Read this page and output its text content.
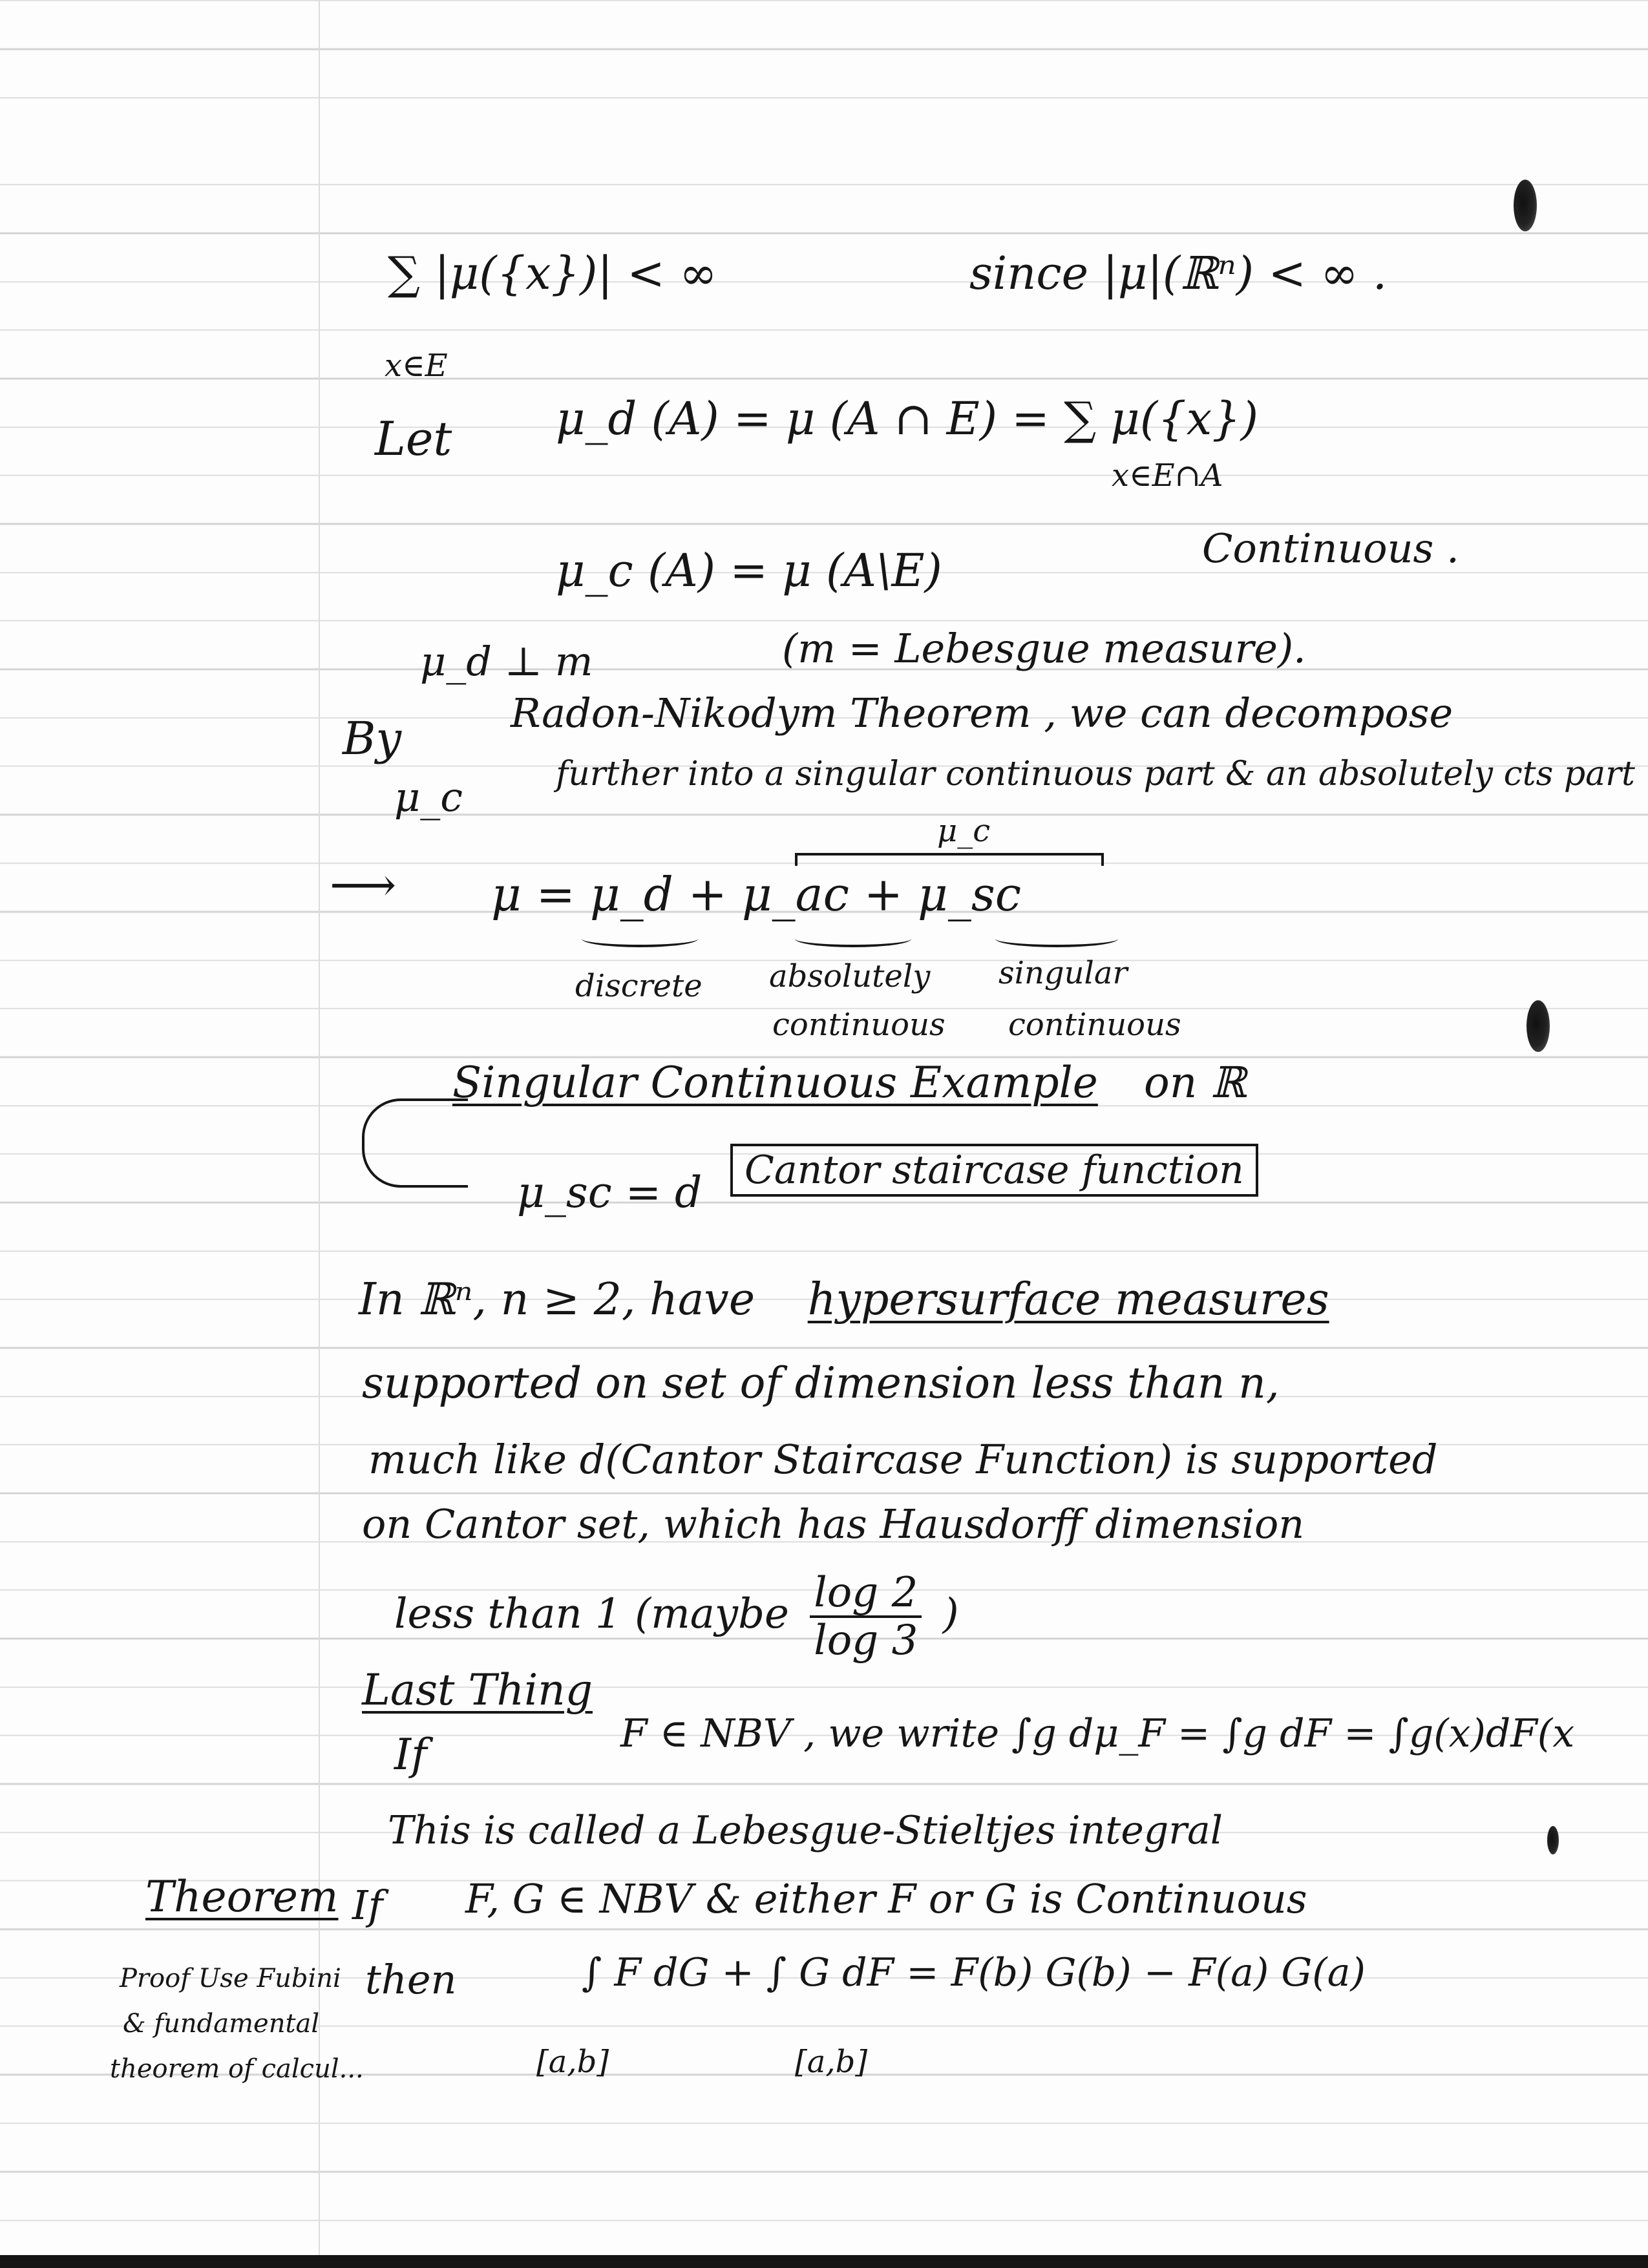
∑ |μ({x})| < ∞
x∈E
since |μ|(ℝⁿ) < ∞ .
Let μ_d (A) = μ (A ∩ E) = ∑ μ({x})
x∈E∩A
μ_c (A) = μ (A\E)	Continuous .
μ_d ⊥ m	(m = Lebesgue measure).
By	Radon-Nikodym Theorem , we can decompose
μ_c	further into a singular continuous part & an absolutely cts part
μ_c
⟶ μ = μ_d + μ_ac + μ_sc
discrete absolutely
continuous
singular
continuous
Singular Continuous Example on ℝ
μ_sc = d	Cantor staircase function
In ℝⁿ, n ≥ 2, have hypersurface measures
supported on set of dimension less than n,
much like d(Cantor Staircase Function) is supported
on Cantor set, which has Hausdorff dimension
less than 1 (maybe $\frac{\log 2}{\log 3}$ )
Last Thing
If	F ∈ NBV , we write ∫g dμ_F = ∫g dF = ∫g(x)dF(x
This is called a Lebesgue-Stieltjes integral
Theorem If F, G ∈ NBV & either F or G is Continuous
Proof Use Fubini
& fundamental
theorem of calcul...
then	∫ F dG + ∫ G dF = F(b) G(b) − F(a) G(a)
[a,b]	[a,b]
